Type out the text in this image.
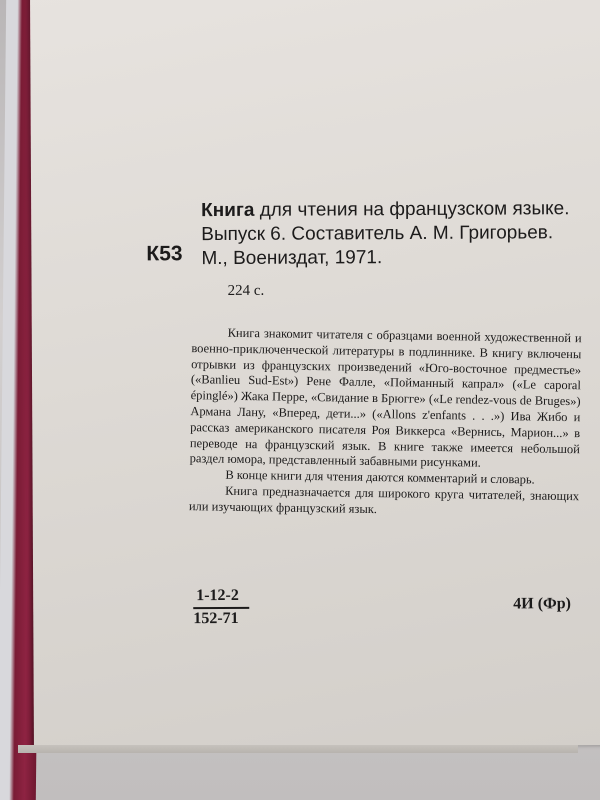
К53
Книга для чтения на французском языке. Выпуск 6. Составитель А. М. Григорьев. М., Воениздат, 1971.
224 с.

Книга знакомит читателя с образцами военной художественной и военно-приключенческой литературы в подлиннике. В книгу включены отрывки из французских произведений «Юго-восточное предместье» («Banlieu Sud-Est») Рене Фалле, «Пойманный капрал» («Le caporal épinglé») Жака Перре, «Свидание в Брюгге» («Le rendez-vous de Bruges») Армана Лану, «Вперед, дети...» («Allons z'enfants . . .») Ива Жибо и рассказ американского писателя Роя Виккерса «Вернись, Марион...» в переводе на французский язык. В книге также имеется небольшой раздел юмора, представленный забавными рисунками.

В конце книги для чтения даются комментарий и словарь.

Книга предназначается для широкого круга читателей, знающих или изучающих французский язык.

1-12-2
152-71
4И (Фр)
